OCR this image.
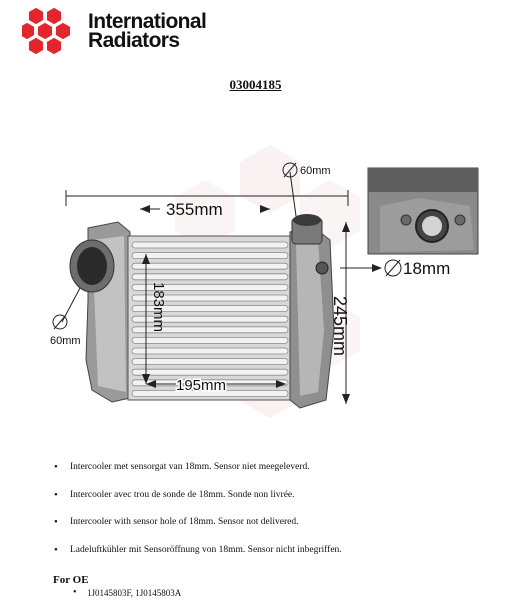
International
Radiators
03004185
60mm
355mm
60mm
183mm	245mm
195mm
18mm
• Intercooler met sensorgat van 18mm. Sensor niet meegeleverd.
• Intercooler avec trou de sonde de 18mm. Sonde non livrée.
• Intercooler with sensor hole of 18mm. Sensor not delivered.
• Ladeluftkühler mit Sensoröffnung von 18mm. Sensor nicht inbegriffen.
For OE
• 1J0145803F, 1J0145803A
